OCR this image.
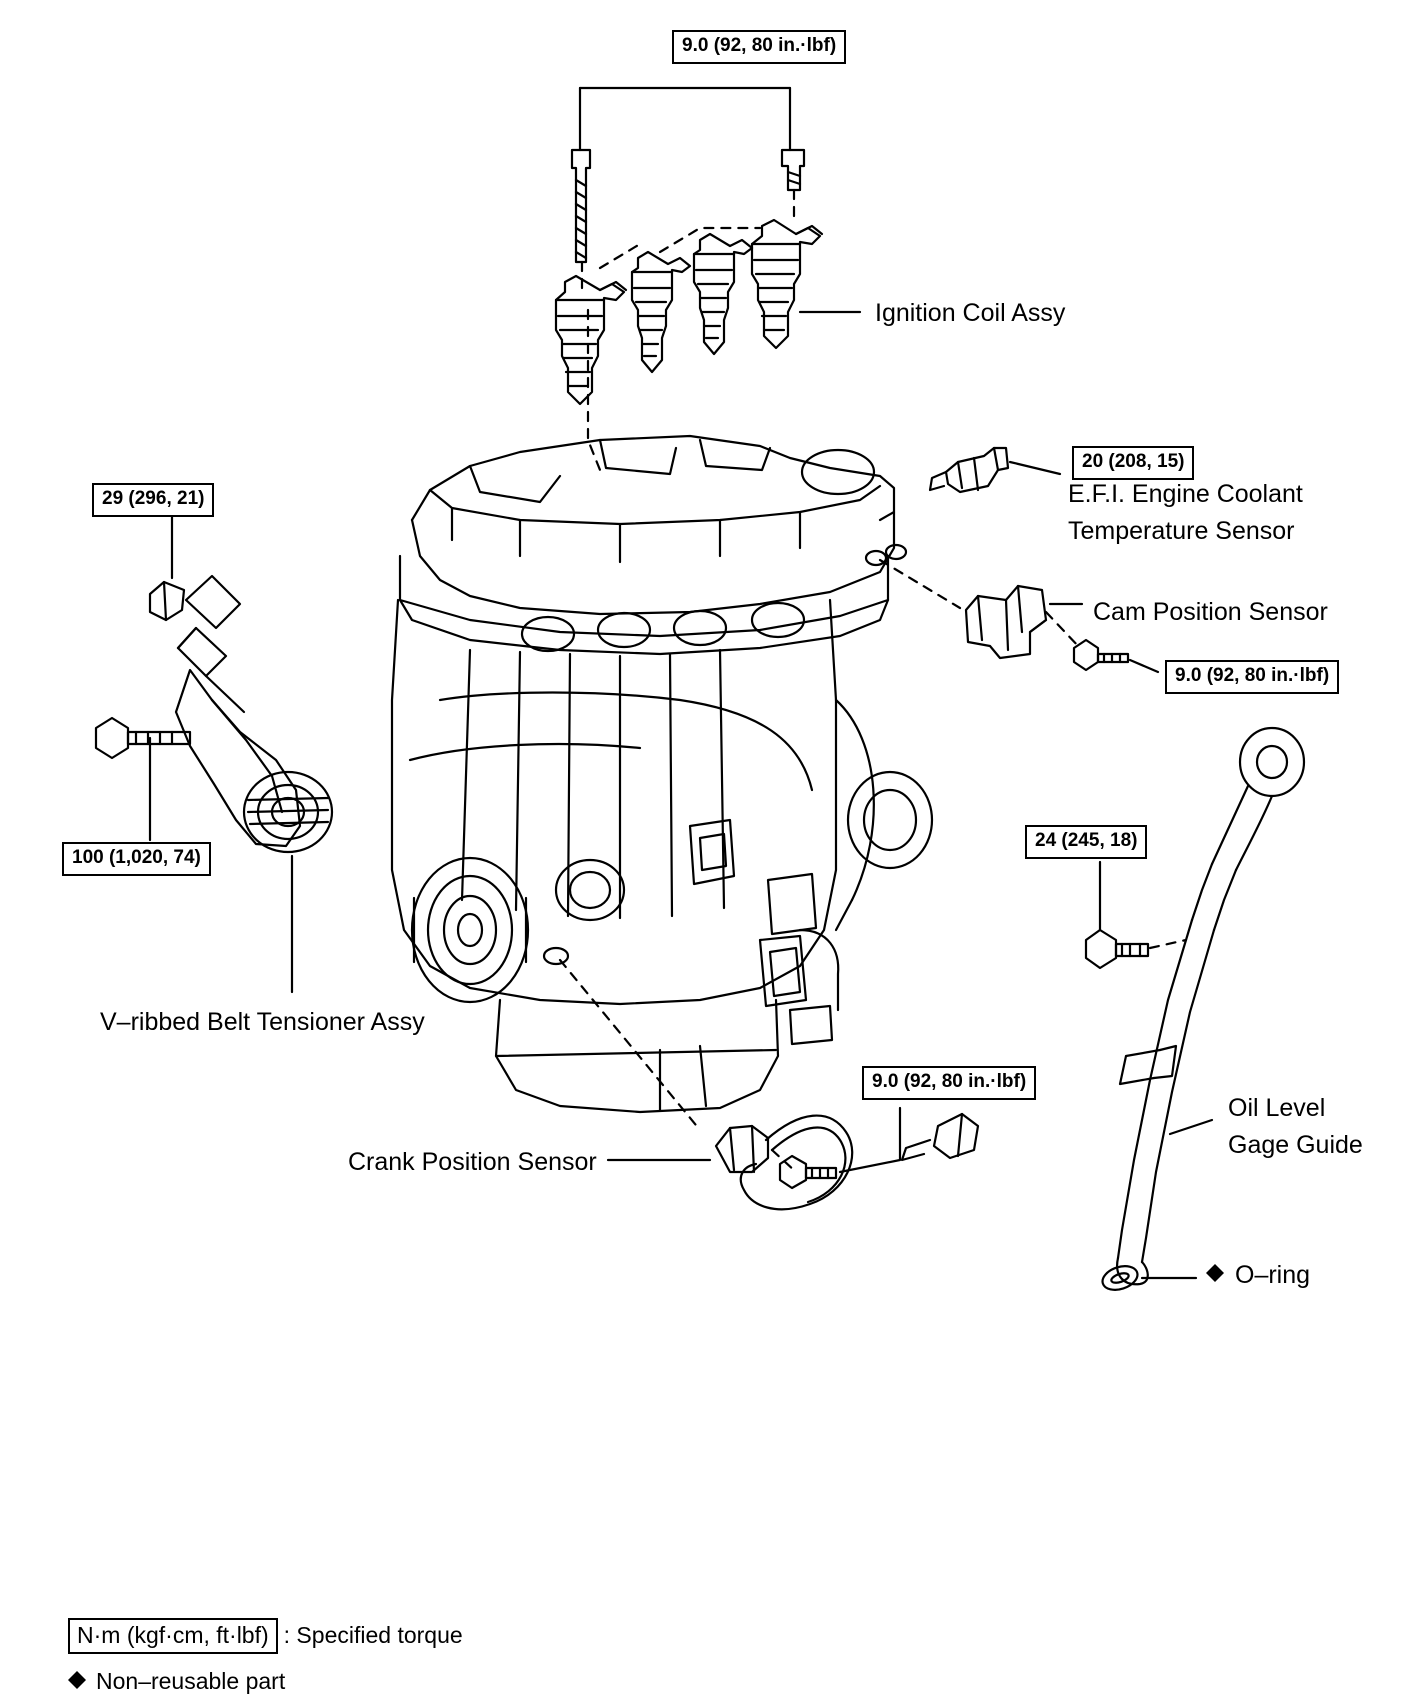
9.0 (92, 80 in.·lbf)
20 (208, 15)
9.0 (92, 80 in.·lbf)
29 (296, 21)
100 (1,020, 74)
24 (245, 18)
9.0 (92, 80 in.·lbf)
Ignition Coil Assy
E.F.I. Engine Coolant
Temperature Sensor
Cam Position Sensor
V–ribbed Belt Tensioner Assy
Crank Position Sensor
Oil Level
Gage Guide
O–ring
N·m (kgf·cm, ft·lbf) : Specified torque
Non–reusable part
